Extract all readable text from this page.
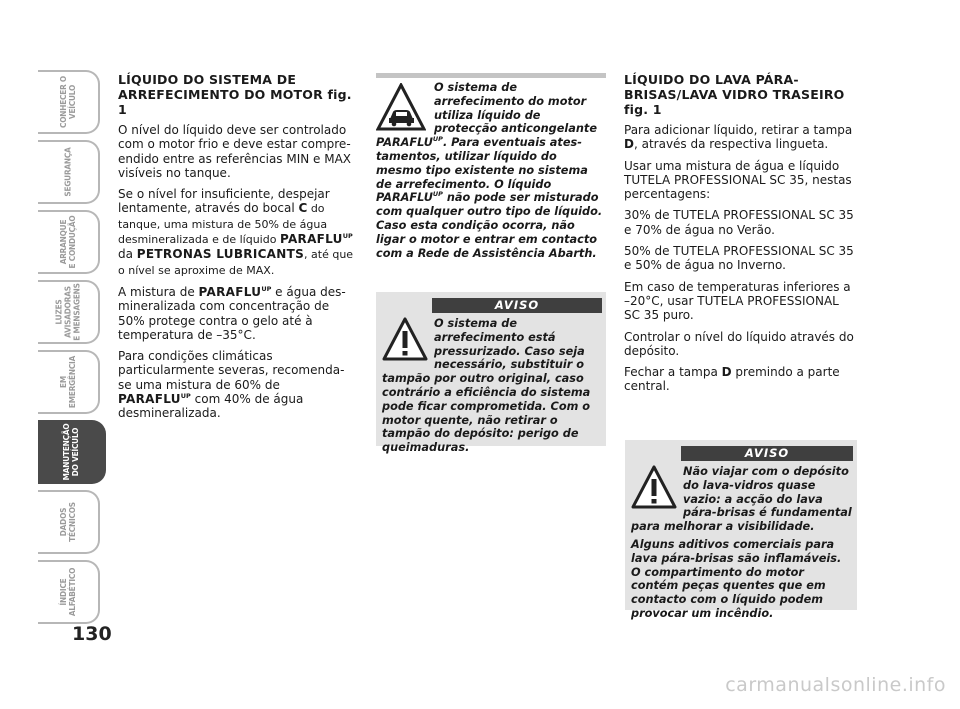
CONHECER O
VEÍCULO
SEGURANÇA
ARRANQUE
E CONDUÇÃO
LUZES
AVISADORAS
E MENSAGENS
EM
EMERGÊNCIA
MANUTENÇÃO
DO VEÍCULO
DADOS
TÉCNICOS
ÍNDICE
ALFABÉTICO
130
LÍQUIDO DO SISTEMA DE ARREFECIMENTO DO MOTOR fig. 1

O nível do líquido deve ser controlado com o motor frio e deve estar compreendido entre as referências MIN e MAX visíveis no tanque.

Se o nível for insuficiente, despejar lentamente, através do bocal C do tanque, uma mistura de 50% de água desmineralizada e de líquido $PARAFLU^{UP}$ da PETRONAS LUBRICANTS, até que o nível se aproxime de MAX.

A mistura de $PARAFLU^{UP}$ e água desmineralizada com concentração de 50% protege contra o gelo até à temperatura de –35°C.

Para condições climáticas particularmente severas, recomenda-se uma mistura de 60% de $PARAFLU^{UP}$ com 40% de água desmineralizada.

O sistema de arrefecimento do motor utiliza líquido de protecção anticongelante $PARAFLU^{UP}$. Para eventuais atestamentos, utilizar líquido do mesmo tipo existente no sistema de arrefecimento. O líquido $PARAFLU^{UP}$ não pode ser misturado com qualquer outro tipo de líquido. Caso esta condição ocorra, não ligar o motor e entrar em contacto com a Rede de Assistência Abarth.
AVISO

O sistema de arrefecimento está pressurizado. Caso seja necessário, substituir o tampão por outro original, caso contrário a eficiência do sistema pode ficar comprometida. Com o motor quente, não retirar o tampão do depósito: perigo de queimaduras.

LÍQUIDO DO LAVA PÁRA-BRISAS/LAVA VIDRO TRASEIRO fig. 1

Para adicionar líquido, retirar a tampa D, através da respectiva lingueta.

Usar uma mistura de água e líquido TUTELA PROFESSIONAL SC 35, nestas percentagens:

30% de TUTELA PROFESSIONAL SC 35 e 70% de água no Verão.

50% de TUTELA PROFESSIONAL SC 35 e 50% de água no Inverno.

Em caso de temperaturas inferiores a –20°C, usar TUTELA PROFESSIONAL SC 35 puro.

Controlar o nível do líquido através do depósito.

Fechar a tampa D premindo a parte central.

AVISO

Não viajar com o depósito do lava-vidros quase vazio: a acção do lava pára-brisas é fundamental para melhorar a visibilidade.

Alguns aditivos comerciais para lava pára-brisas são inflamáveis. O compartimento do motor contém peças quentes que em contacto com o líquido podem provocar um incêndio.

carmanualsonline.info
